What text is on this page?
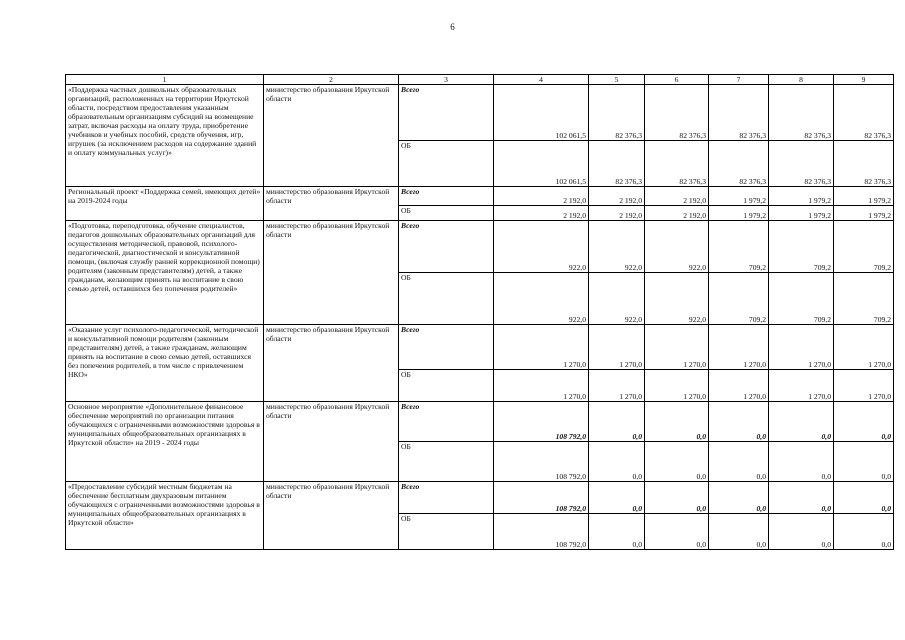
6
1	2	3	4	5	6	7	8	9
«Поддержка частных дошкольных образовательных организаций, расположенных на территории Иркутской области, посредством предоставления указанным образовательным организациям субсидий на возмещение затрат, включая расходы на оплату труда, приобретение учебников и учебных пособий, средств обучения, игр, игрушек (за исключением расходов на содержание зданий и оплату коммунальных услуг)»	министерство образования Иркутской области	Всего	102 061,5	82 376,3	82 376,3	82 376,3	82 376,3	82 376,3
		ОБ	102 061,5	82 376,3	82 376,3	82 376,3	82 376,3	82 376,3
Региональный проект «Поддержка семей, имеющих детей» на 2019-2024 годы	министерство образования Иркутской области	Всего	2 192,0	2 192,0	2 192,0	1 979,2	1 979,2	1 979,2
		ОБ	2 192,0	2 192,0	2 192,0	1 979,2	1 979,2	1 979,2
«Подготовка, переподготовка, обучение специалистов, педагогов дошкольных образовательных организаций для осуществления методической, правовой, психолого-педагогической, диагностической и консультативной помощи, (включая службу ранней коррекционной помощи) родителям (законным представителям) детей, а также гражданам, желающим принять на воспитание в свою семью детей, оставшихся без попечения родителей»	министерство образования Иркутской области	Всего	922,0	922,0	922,0	709,2	709,2	709,2
		ОБ	922,0	922,0	922,0	709,2	709,2	709,2
«Оказание услуг психолого-педагогической, методической и консультативной помощи родителям (законным представителям) детей, а также гражданам, желающим принять на воспитание в свою семью детей, оставшихся без попечения родителей, в том числе с привлечением НКО»	министерство образования Иркутской области	Всего	1 270,0	1 270,0	1 270,0	1 270,0	1 270,0	1 270,0
		ОБ	1 270,0	1 270,0	1 270,0	1 270,0	1 270,0	1 270,0
Основное мероприятие «Дополнительное финансовое обеспечение мероприятий по организации питания обучающихся с ограниченными возможностями здоровья в муниципальных общеобразовательных организациях в Иркутской области» на 2019 - 2024 годы	министерство образования Иркутской области	Всего	108 792,0	0,0	0,0	0,0	0,0	0,0
		ОБ	108 792,0	0,0	0,0	0,0	0,0	0,0
«Предоставление субсидий местным бюджетам на обеспечение бесплатным двухразовым питанием обучающихся с ограниченными возможностями здоровья в муниципальных общеобразовательных организациях в Иркутской области»	министерство образования Иркутской области	Всего	108 792,0	0,0	0,0	0,0	0,0	0,0
		ОБ	108 792,0	0,0	0,0	0,0	0,0	0,0
